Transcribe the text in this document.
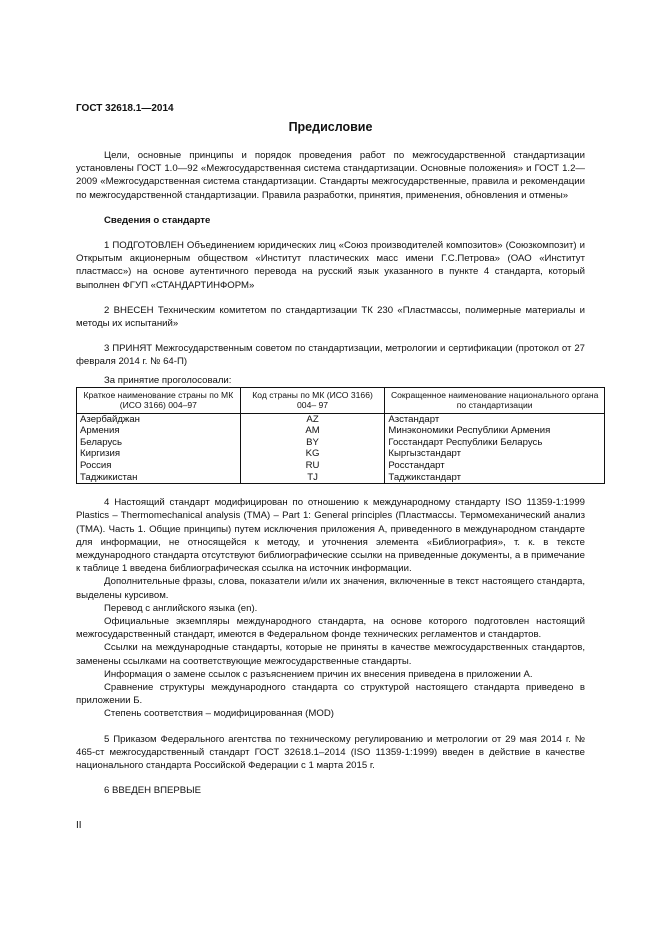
ГОСТ 32618.1—2014
Предисловие

Цели, основные принципы и порядок проведения работ по межгосударственной стандартизации установлены ГОСТ 1.0—92 «Межгосударственная система стандартизации. Основные положения» и ГОСТ 1.2—2009 «Межгосударственная система стандартизации. Стандарты межгосударственные, правила и рекомендации по межгосударственной стандартизации. Правила разработки, принятия, применения, обновления и отмены»

Сведения о стандарте

1 ПОДГОТОВЛЕН Объединением юридических лиц «Союз производителей композитов» (Союзкомпозит) и Открытым акционерным обществом «Институт пластических масс имени Г.С.Петрова» (ОАО «Институт пластмасс») на основе аутентичного перевода на русский язык указанного в пункте 4 стандарта, который выполнен ФГУП «СТАНДАРТИНФОРМ»

2 ВНЕСЕН Техническим комитетом по стандартизации ТК 230 «Пластмассы, полимерные материалы и методы их испытаний»

3 ПРИНЯТ Межгосударственным советом по стандартизации, метрологии и сертификации (протокол от 27 февраля 2014 г. № 64-П)

За принятие проголосовали:

Краткое наименование страны по МК (ИСО 3166) 004–97	Код страны по МК (ИСО 3166) 004– 97	Сокращенное наименование национального органа по стандартизации
Азербайджан	AZ	Азстандарт
Армения	AM	Минэкономики Республики Армения
Беларусь	BY	Госстандарт Республики Беларусь
Киргизия	KG	Кыргызстандарт
Россия	RU	Росстандарт
Таджикистан	TJ	Таджикстандарт

4 Настоящий стандарт модифицирован по отношению к международному стандарту ISO 11359-1:1999 Plastics – Thermomechanical analysis (TMA) – Part 1: General principles (Пластмассы. Термомеханический анализ (TMA). Часть 1. Общие принципы) путем исключения приложения А, приведенного в международном стандарте для информации, не относящейся к методу, и уточнения элемента «Библиография», т. к. в тексте международного стандарта отсутствуют библиографические ссылки на приведенные документы, а в примечание к таблице 1 введена библиографическая ссылка на источник информации.

Дополнительные фразы, слова, показатели и/или их значения, включенные в текст настоящего стандарта, выделены курсивом.

Перевод с английского языка (en).

Официальные экземпляры международного стандарта, на основе которого подготовлен настоящий межгосударственный стандарт, имеются в Федеральном фонде технических регламентов и стандартов.

Ссылки на международные стандарты, которые не приняты в качестве межгосударственных стандартов, заменены ссылками на соответствующие межгосударственные стандарты.

Информация о замене ссылок с разъяснением причин их внесения приведена в приложении А.

Сравнение структуры международного стандарта со структурой настоящего стандарта приведено в приложении Б.

Степень соответствия – модифицированная (MOD)

5 Приказом Федерального агентства по техническому регулированию и метрологии от 29 мая 2014 г. № 465-ст межгосударственный стандарт ГОСТ 32618.1–2014 (ISO 11359-1:1999) введен в действие в качестве национального стандарта Российской Федерации с 1 марта 2015 г.

6 ВВЕДЕН ВПЕРВЫЕ

II
